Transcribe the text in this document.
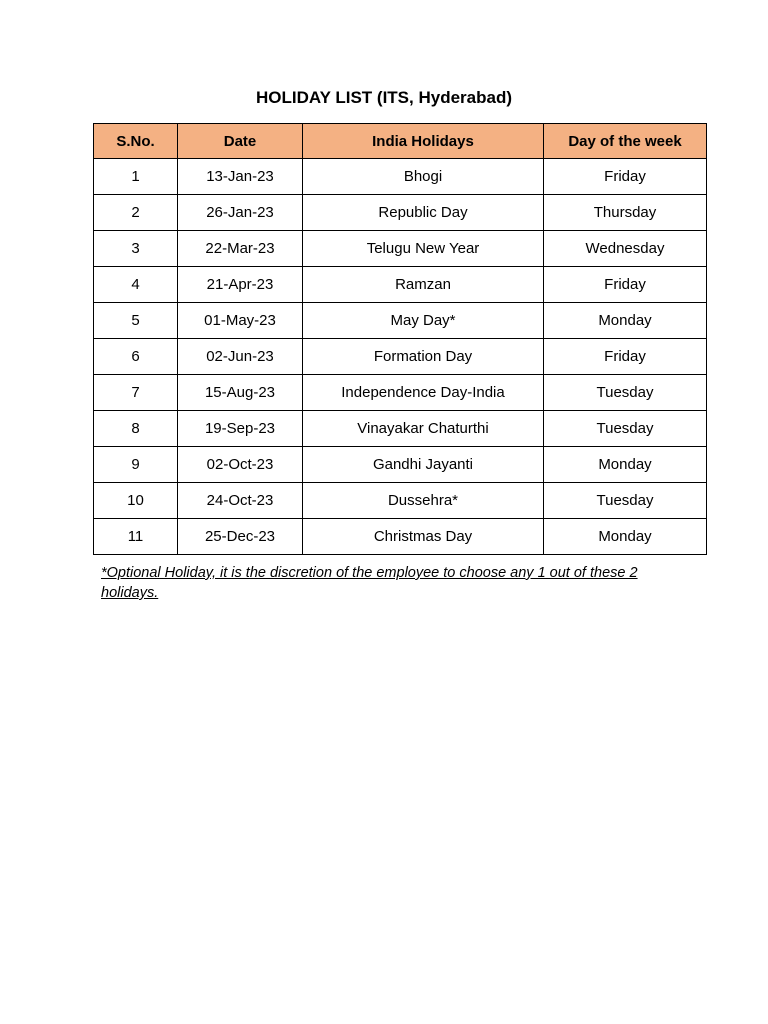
HOLIDAY LIST (ITS, Hyderabad)
S.No.	Date	India Holidays	Day of the week
1	13-Jan-23	Bhogi	Friday
2	26-Jan-23	Republic Day	Thursday
3	22-Mar-23	Telugu New Year	Wednesday
4	21-Apr-23	Ramzan	Friday
5	01-May-23	May Day*	Monday
6	02-Jun-23	Formation Day	Friday
7	15-Aug-23	Independence Day-India	Tuesday
8	19-Sep-23	Vinayakar Chaturthi	Tuesday
9	02-Oct-23	Gandhi Jayanti	Monday
10	24-Oct-23	Dussehra*	Tuesday
11	25-Dec-23	Christmas Day	Monday

*Optional Holiday, it is the discretion of the employee to choose any 1 out of these 2 holidays.
